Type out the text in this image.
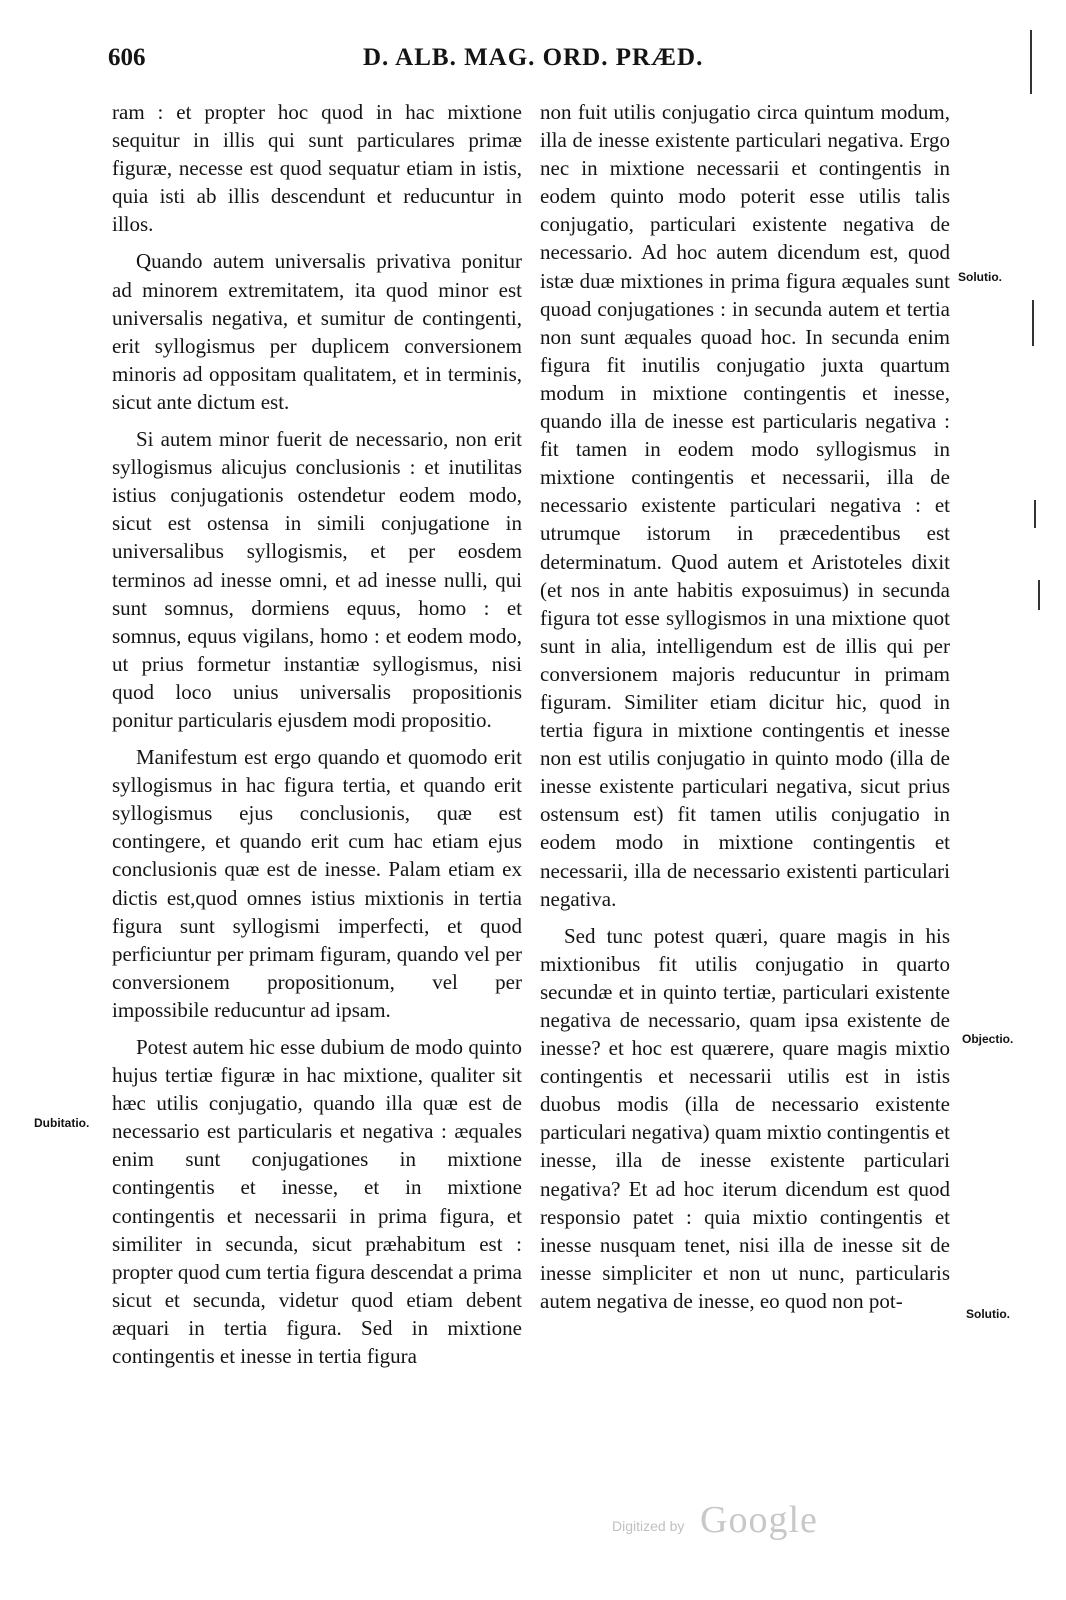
606	D. ALB. MAG. ORD. PRÆD.

ram : et propter hoc quod in hac mixtione sequitur in illis qui sunt particulares primæ figuræ, necesse est quod sequatur etiam in istis, quia isti ab illis descendunt et reducuntur in illos.

Quando autem universalis privativa ponitur ad minorem extremitatem, ita quod minor est universalis negativa, et sumitur de contingenti, erit syllogismus per duplicem conversionem minoris ad oppositam qualitatem, et in terminis, sicut ante dictum est.

Si autem minor fuerit de necessario, non erit syllogismus alicujus conclusionis : et inutilitas istius conjugationis ostendetur eodem modo, sicut est ostensa in simili conjugatione in universalibus syllogismis, et per eosdem terminos ad inesse omni, et ad inesse nulli, qui sunt somnus, dormiens equus, homo : et somnus, equus vigilans, homo : et eodem modo, ut prius formetur instantiæ syllogismus, nisi quod loco unius universalis propositionis ponitur particularis ejusdem modi propositio.

Manifestum est ergo quando et quomodo erit syllogismus in hac figura tertia, et quando erit syllogismus ejus conclusionis, quæ est contingere, et quando erit cum hac etiam ejus conclusionis quæ est de inesse. Palam etiam ex dictis est,quod omnes istius mixtionis in tertia figura sunt syllogismi imperfecti, et quod perficiuntur per primam figuram, quando vel per conversionem propositionum, vel per impossibile reducuntur ad ipsam.

Potest autem hic esse dubium de modo quinto hujus tertiæ figuræ in hac mixtione, qualiter sit hæc utilis conjugatio, quando illa quæ est de necessario est particularis et negativa : æquales enim sunt conjugationes in mixtione contingentis et inesse, et in mixtione contingentis et necessarii in prima figura, et similiter in secunda, sicut præhabitum est : propter quod cum tertia figura descendat a prima sicut et secunda, videtur quod etiam debent æquari in tertia figura. Sed in mixtione contingentis et inesse in tertia figura

non fuit utilis conjugatio circa quintum modum, illa de inesse existente particulari negativa. Ergo nec in mixtione necessarii et contingentis in eodem quinto modo poterit esse utilis talis conjugatio, particulari existente negativa de necessario. Ad hoc autem dicendum est, quod istæ duæ mixtiones in prima figura æquales sunt quoad conjugationes : in secunda autem et tertia non sunt æquales quoad hoc. In secunda enim figura fit inutilis conjugatio juxta quartum modum in mixtione contingentis et inesse, quando illa de inesse est particularis negativa : fit tamen in eodem modo syllogismus in mixtione contingentis et necessarii, illa de necessario existente particulari negativa : et utrumque istorum in præcedentibus est determinatum. Quod autem et Aristoteles dixit (et nos in ante habitis exposuimus) in secunda figura tot esse syllogismos in una mixtione quot sunt in alia, intelligendum est de illis qui per conversionem majoris reducuntur in primam figuram. Similiter etiam dicitur hic, quod in tertia figura in mixtione contingentis et inesse non est utilis conjugatio in quinto modo (illa de inesse existente particulari negativa, sicut prius ostensum est) fit tamen utilis conjugatio in eodem modo in mixtione contingentis et necessarii, illa de necessario existenti particulari negativa.

Sed tunc potest quæri, quare magis in his mixtionibus fit utilis conjugatio in quarto secundæ et in quinto tertiæ, particulari existente negativa de necessario, quam ipsa existente de inesse? et hoc est quærere, quare magis mixtio contingentis et necessarii utilis est in istis duobus modis (illa de necessario existente particulari negativa) quam mixtio contingentis et inesse, illa de inesse existente particulari negativa? Et ad hoc iterum dicendum est quod responsio patet : quia mixtio contingentis et inesse nusquam tenet, nisi illa de inesse sit de inesse simpliciter et non ut nunc, particularis autem negativa de inesse, eo quod non pot-

Solutio.
Objectio.
Solutio.
Dubitatio.
Digitized by Google
